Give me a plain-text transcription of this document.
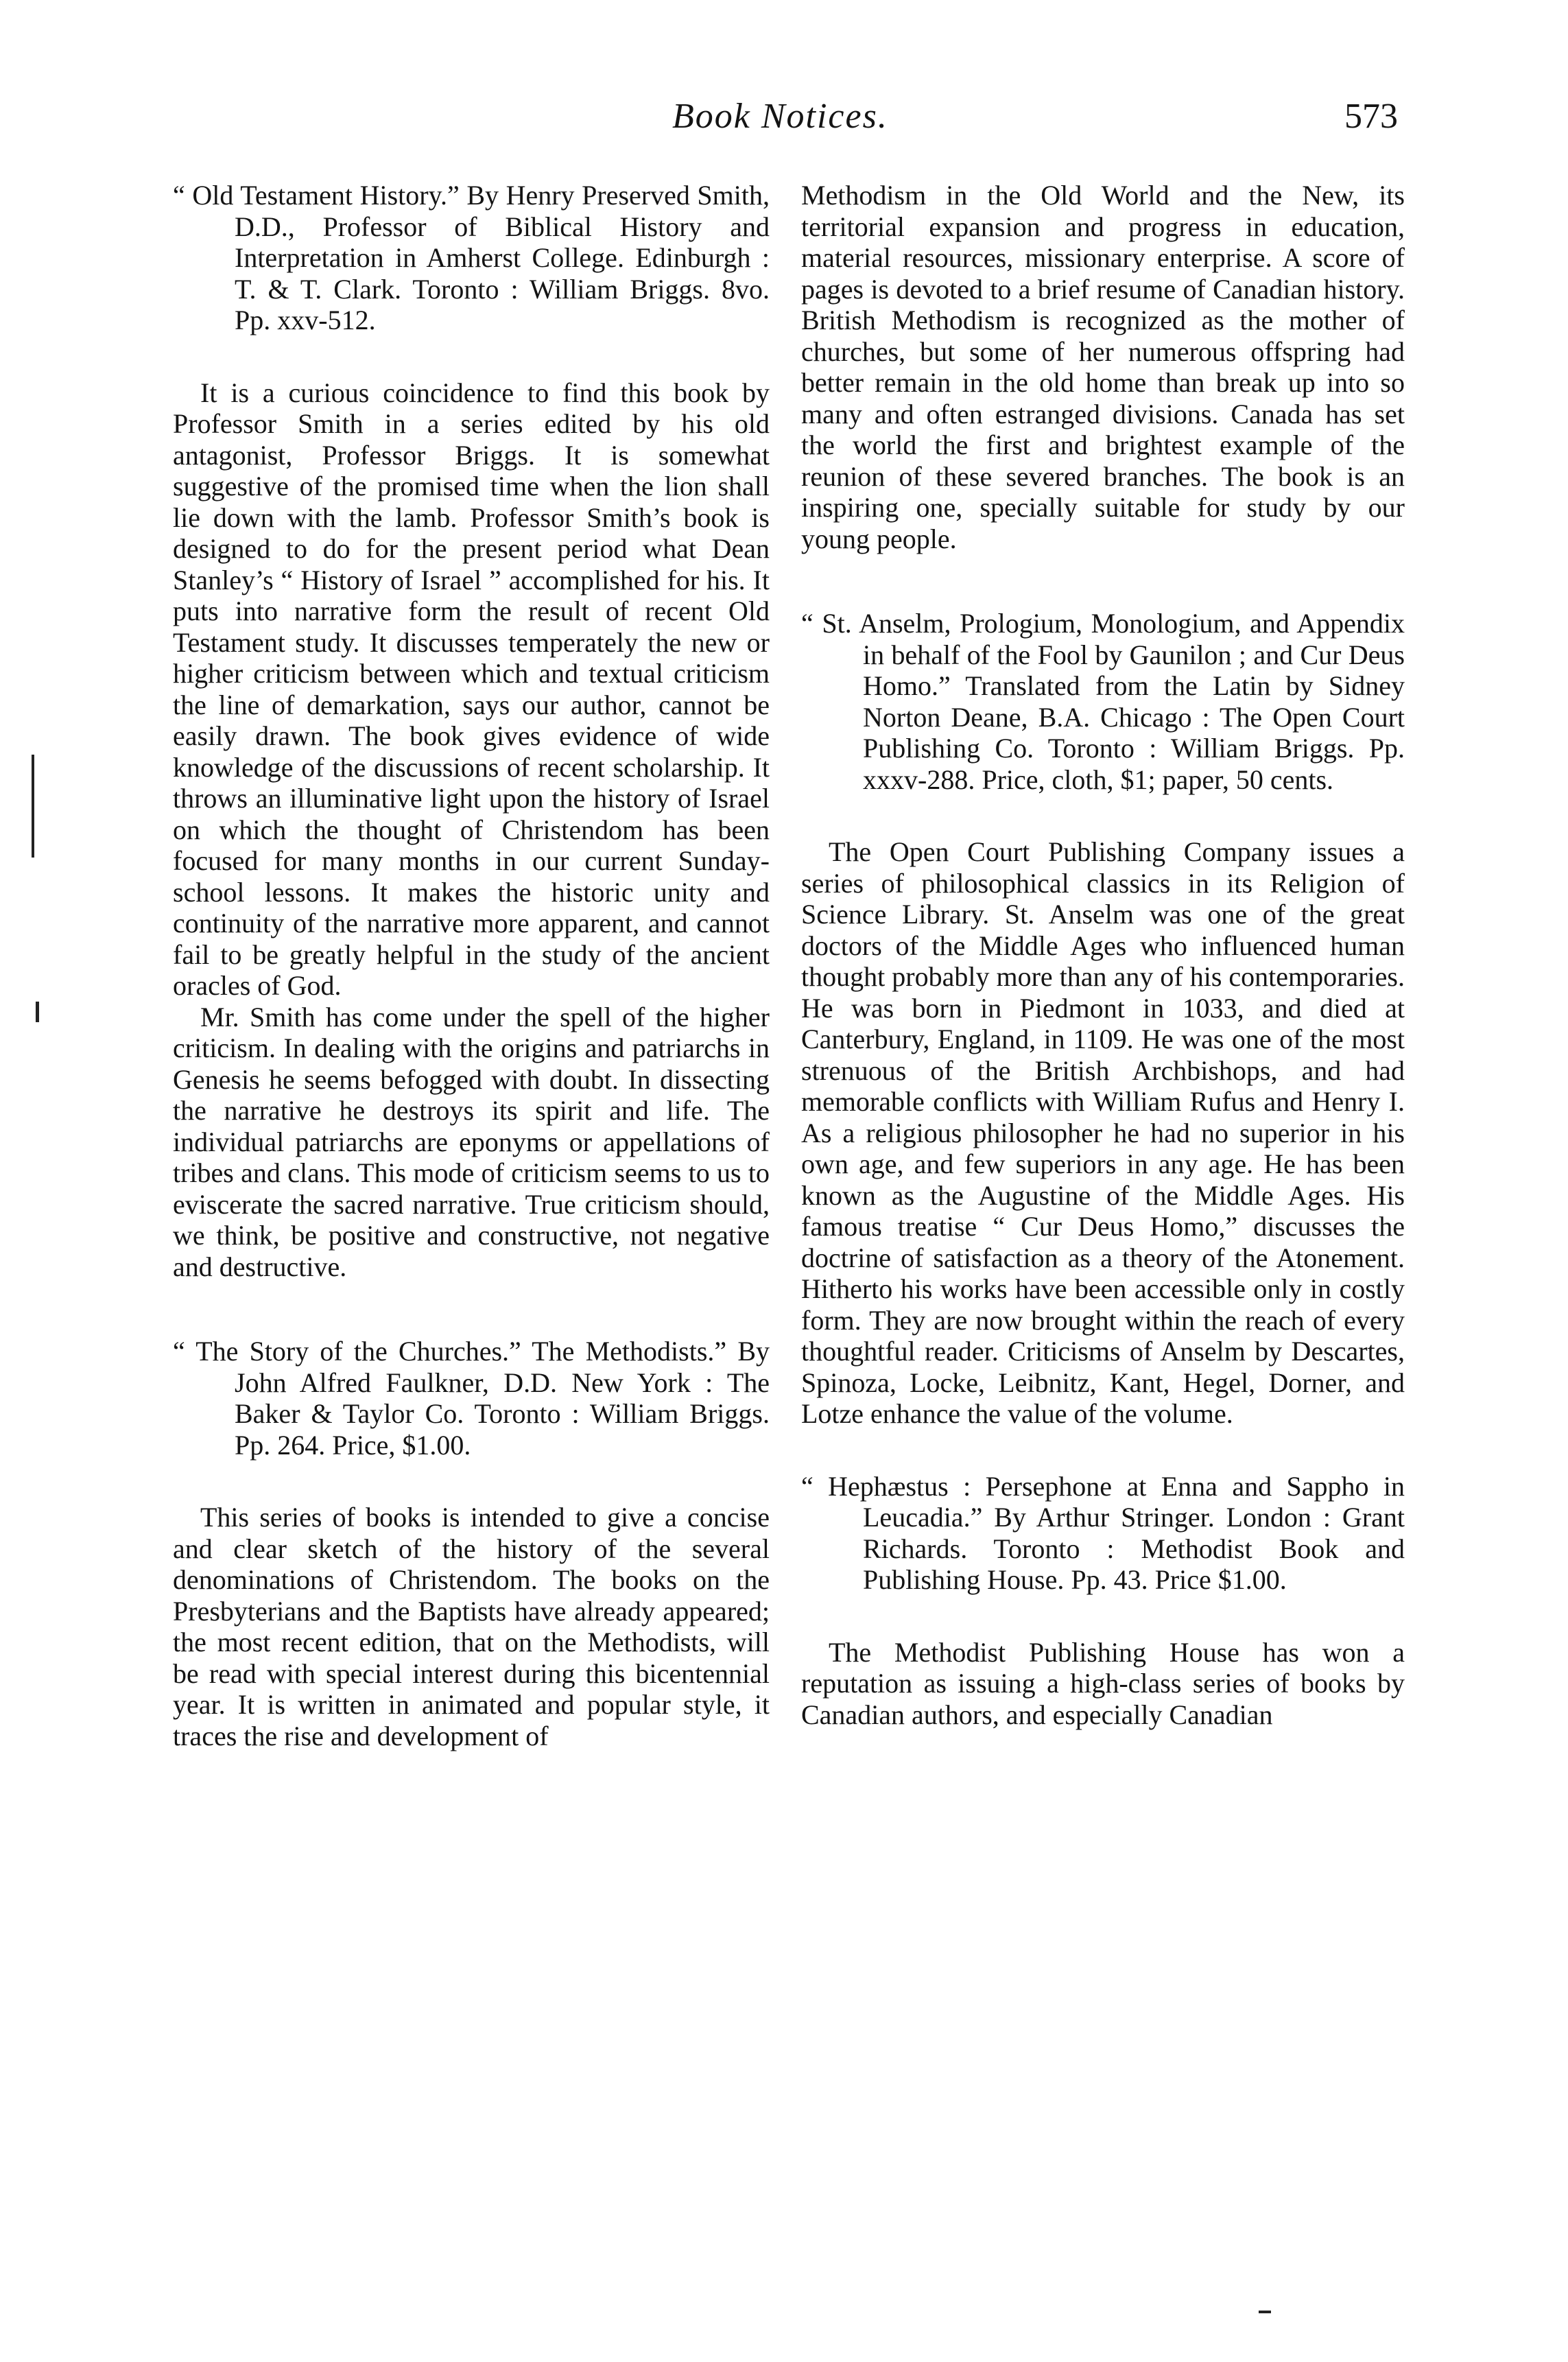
Book Notices.	573

“ Old Testament History.” By Henry Preserved Smith, D.D., Professor of Biblical History and Interpretation in Amherst College. Edinburgh : T. & T. Clark. Toronto : William Briggs. 8vo. Pp. xxv-512.

It is a curious coincidence to find this book by Professor Smith in a series edited by his old antagonist, Professor Briggs. It is somewhat suggestive of the promised time when the lion shall lie down with the lamb. Professor Smith’s book is designed to do for the present period what Dean Stanley’s “ History of Israel ” accomplished for his. It puts into narrative form the result of recent Old Testament study. It discusses temperately the new or higher criticism between which and textual criticism the line of demarkation, says our author, cannot be easily drawn. The book gives evidence of wide knowledge of the discussions of recent scholarship. It throws an illuminative light upon the history of Israel on which the thought of Christendom has been focused for many months in our current Sunday-school lessons. It makes the historic unity and continuity of the narrative more apparent, and cannot fail to be greatly helpful in the study of the ancient oracles of God.

Mr. Smith has come under the spell of the higher criticism. In dealing with the origins and patriarchs in Genesis he seems befogged with doubt. In dissecting the narrative he destroys its spirit and life. The individual patriarchs are eponyms or appellations of tribes and clans. This mode of criticism seems to us to eviscerate the sacred narrative. True criticism should, we think, be positive and constructive, not negative and destructive.

“ The Story of the Churches.” The Methodists.” By John Alfred Faulkner, D.D. New York : The Baker & Taylor Co. Toronto : William Briggs. Pp. 264. Price, $1.00.

This series of books is intended to give a concise and clear sketch of the history of the several denominations of Christendom. The books on the Presbyterians and the Baptists have already appeared; the most recent edition, that on the Methodists, will be read with special interest during this bicentennial year. It is written in animated and popular style, it traces the rise and development of

Methodism in the Old World and the New, its territorial expansion and progress in education, material resources, missionary enterprise. A score of pages is devoted to a brief resume of Canadian history. British Methodism is recognized as the mother of churches, but some of her numerous offspring had better remain in the old home than break up into so many and often estranged divisions. Canada has set the world the first and brightest example of the reunion of these severed branches. The book is an inspiring one, specially suitable for study by our young people.

“ St. Anselm, Prologium, Monologium, and Appendix in behalf of the Fool by Gaunilon ; and Cur Deus Homo.” Translated from the Latin by Sidney Norton Deane, B.A. Chicago : The Open Court Publishing Co. Toronto : William Briggs. Pp. xxxv-288. Price, cloth, $1; paper, 50 cents.

The Open Court Publishing Company issues a series of philosophical classics in its Religion of Science Library. St. Anselm was one of the great doctors of the Middle Ages who influenced human thought probably more than any of his contemporaries. He was born in Piedmont in 1033, and died at Canterbury, England, in 1109. He was one of the most strenuous of the British Archbishops, and had memorable conflicts with William Rufus and Henry I. As a religious philosopher he had no superior in his own age, and few superiors in any age. He has been known as the Augustine of the Middle Ages. His famous treatise “ Cur Deus Homo,” discusses the doctrine of satisfaction as a theory of the Atonement. Hitherto his works have been accessible only in costly form. They are now brought within the reach of every thoughtful reader. Criticisms of Anselm by Descartes, Spinoza, Locke, Leibnitz, Kant, Hegel, Dorner, and Lotze enhance the value of the volume.

“ Hephæstus : Persephone at Enna and Sappho in Leucadia.” By Arthur Stringer. London : Grant Richards. Toronto : Methodist Book and Publishing House. Pp. 43. Price $1.00.

The Methodist Publishing House has won a reputation as issuing a high-class series of books by Canadian authors, and especially Canadian
